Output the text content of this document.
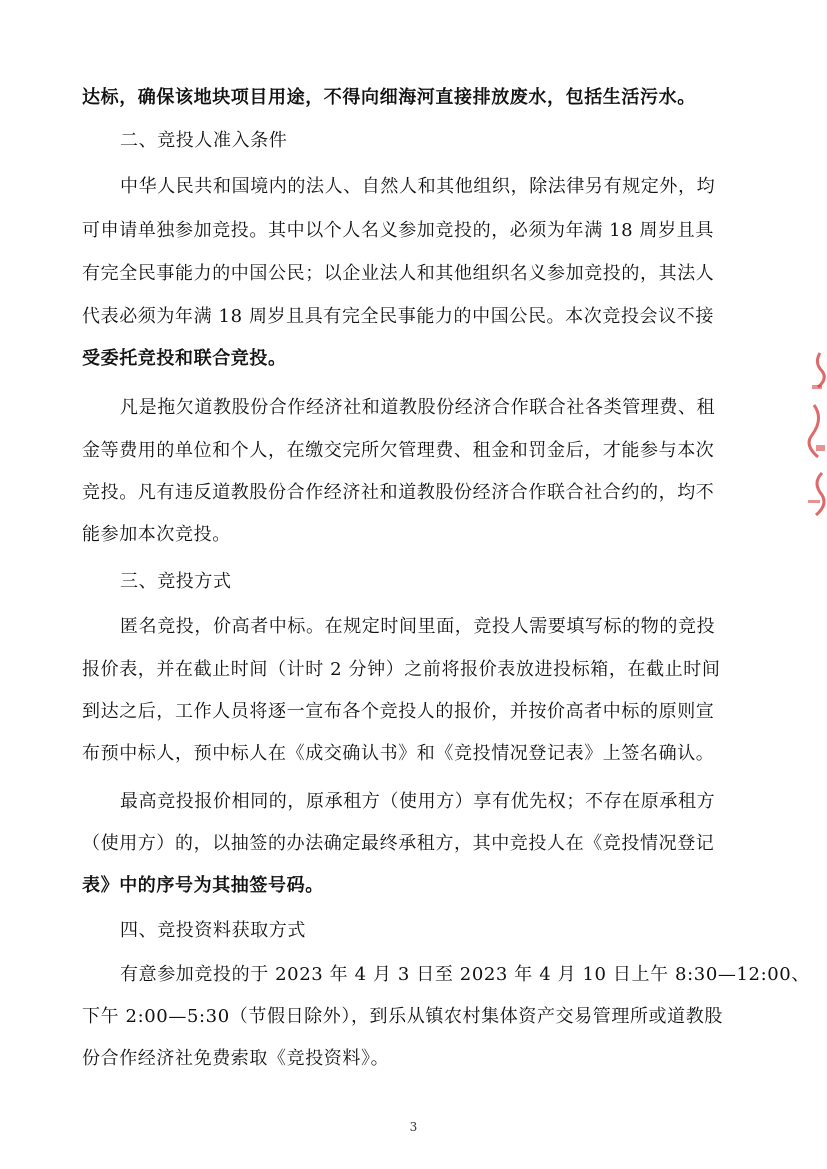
达标，确保该地块项目用途，不得向细海河直接排放废水，包括生活污水。
二、竞投人准入条件
中华人民共和国境内的法人、自然人和其他组织，除法律另有规定外，均
可申请单独参加竞投。其中以个人名义参加竞投的，必须为年满 18 周岁且具
有完全民事能力的中国公民；以企业法人和其他组织名义参加竞投的，其法人
代表必须为年满 18 周岁且具有完全民事能力的中国公民。本次竞投会议不接
受委托竞投和联合竞投。
凡是拖欠道教股份合作经济社和道教股份经济合作联合社各类管理费、租
金等费用的单位和个人，在缴交完所欠管理费、租金和罚金后，才能参与本次
竞投。凡有违反道教股份合作经济社和道教股份经济合作联合社合约的，均不
能参加本次竞投。
三、竞投方式
匿名竞投，价高者中标。在规定时间里面，竞投人需要填写标的物的竞投
报价表，并在截止时间（计时 2 分钟）之前将报价表放进投标箱，在截止时间
到达之后，工作人员将逐一宣布各个竞投人的报价，并按价高者中标的原则宣
布预中标人，预中标人在《成交确认书》和《竞投情况登记表》上签名确认。
最高竞投报价相同的，原承租方（使用方）享有优先权；不存在原承租方
（使用方）的，以抽签的办法确定最终承租方，其中竞投人在《竞投情况登记
表》中的序号为其抽签号码。
四、竞投资料获取方式
有意参加竞投的于 2023 年 4 月 3 日至 2023 年 4 月 10 日上午 8:30—12:00、
下午 2:00—5:30（节假日除外），到乐从镇农村集体资产交易管理所或道教股
份合作经济社免费索取《竞投资料》。
3
